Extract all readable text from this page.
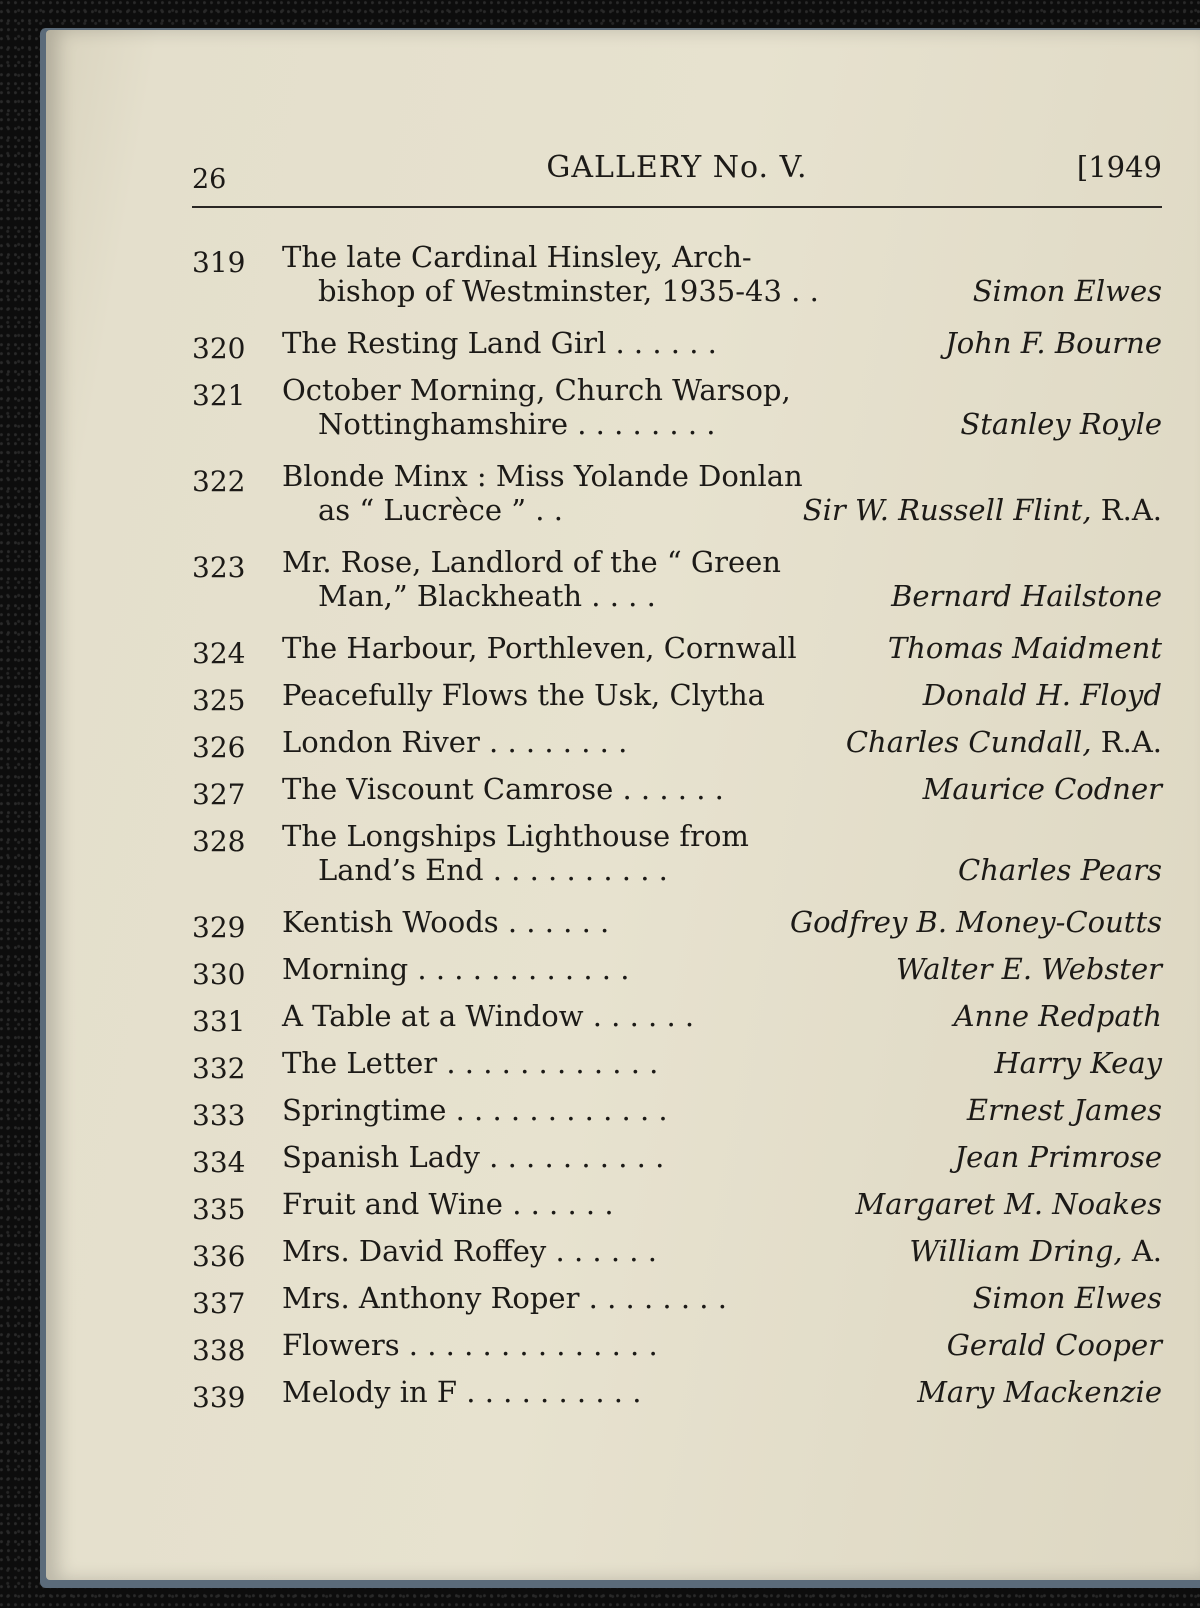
26	GALLERY No. V.	[1949
319	The late Cardinal Hinsley, Arch-
bishop of Westminster, 1935-43 . .	Simon Elwes
320	The Resting Land Girl . . . . . .	John F. Bourne
321	October Morning, Church Warsop,
Nottinghamshire . . . . . . . .	Stanley Royle
322	Blonde Minx : Miss Yolande Donlan
as “ Lucrèce ” . .	Sir W. Russell Flint, R.A.
323	Mr. Rose, Landlord of the “ Green
Man,” Blackheath . . . .	Bernard Hailstone
324	The Harbour, Porthleven, Cornwall	Thomas Maidment
325	Peacefully Flows the Usk, Clytha	Donald H. Floyd
326	London River . . . . . . . .	Charles Cundall, R.A.
327	The Viscount Camrose . . . . . .	Maurice Codner
328	The Longships Lighthouse from
Land’s End . . . . . . . . . .	Charles Pears
329	Kentish Woods . . . . . .	Godfrey B. Money-Coutts
330	Morning . . . . . . . . . . . .	Walter E. Webster
331	A Table at a Window . . . . . .	Anne Redpath
332	The Letter . . . . . . . . . . . .	Harry Keay
333	Springtime . . . . . . . . . . . .	Ernest James
334	Spanish Lady . . . . . . . . . .	Jean Primrose
335	Fruit and Wine . . . . . .	Margaret M. Noakes
336	Mrs. David Roffey . . . . . .	William Dring, A.
337	Mrs. Anthony Roper . . . . . . . .	Simon Elwes
338	Flowers . . . . . . . . . . . . . .	Gerald Cooper
339	Melody in F . . . . . . . . . .	Mary Mackenzie
